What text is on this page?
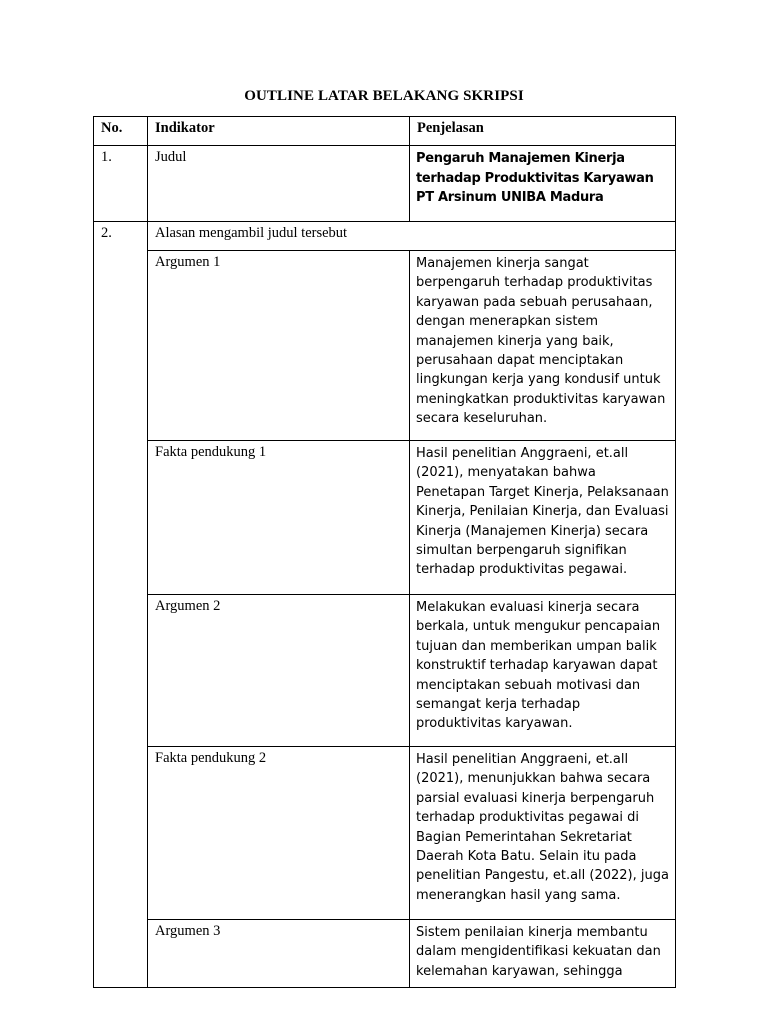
OUTLINE LATAR BELAKANG SKRIPSI
No.	Indikator	Penjelasan
1.	Judul	Pengaruh Manajemen Kinerja terhadap Produktivitas Karyawan PT Arsinum UNIBA Madura
2.	Alasan mengambil judul tersebut	
	Argumen 1	Manajemen kinerja sangat berpengaruh terhadap produktivitas karyawan pada sebuah perusahaan, dengan menerapkan sistem manajemen kinerja yang baik, perusahaan dapat menciptakan lingkungan kerja yang kondusif untuk meningkatkan produktivitas karyawan secara keseluruhan.
	Fakta pendukung 1	Hasil penelitian Anggraeni, et.all (2021), menyatakan bahwa Penetapan Target Kinerja, Pelaksanaan Kinerja, Penilaian Kinerja, dan Evaluasi Kinerja (Manajemen Kinerja) secara simultan berpengaruh signifikan terhadap produktivitas pegawai.
	Argumen 2	Melakukan evaluasi kinerja secara berkala, untuk mengukur pencapaian tujuan dan memberikan umpan balik konstruktif terhadap karyawan dapat menciptakan sebuah motivasi dan semangat kerja terhadap produktivitas karyawan.
	Fakta pendukung 2	Hasil penelitian Anggraeni, et.all (2021), menunjukkan bahwa secara parsial evaluasi kinerja berpengaruh terhadap produktivitas pegawai di Bagian Pemerintahan Sekretariat Daerah Kota Batu. Selain itu pada penelitian Pangestu, et.all (2022), juga menerangkan hasil yang sama.
	Argumen 3	Sistem penilaian kinerja membantu dalam mengidentifikasi kekuatan dan kelemahan karyawan, sehingga
